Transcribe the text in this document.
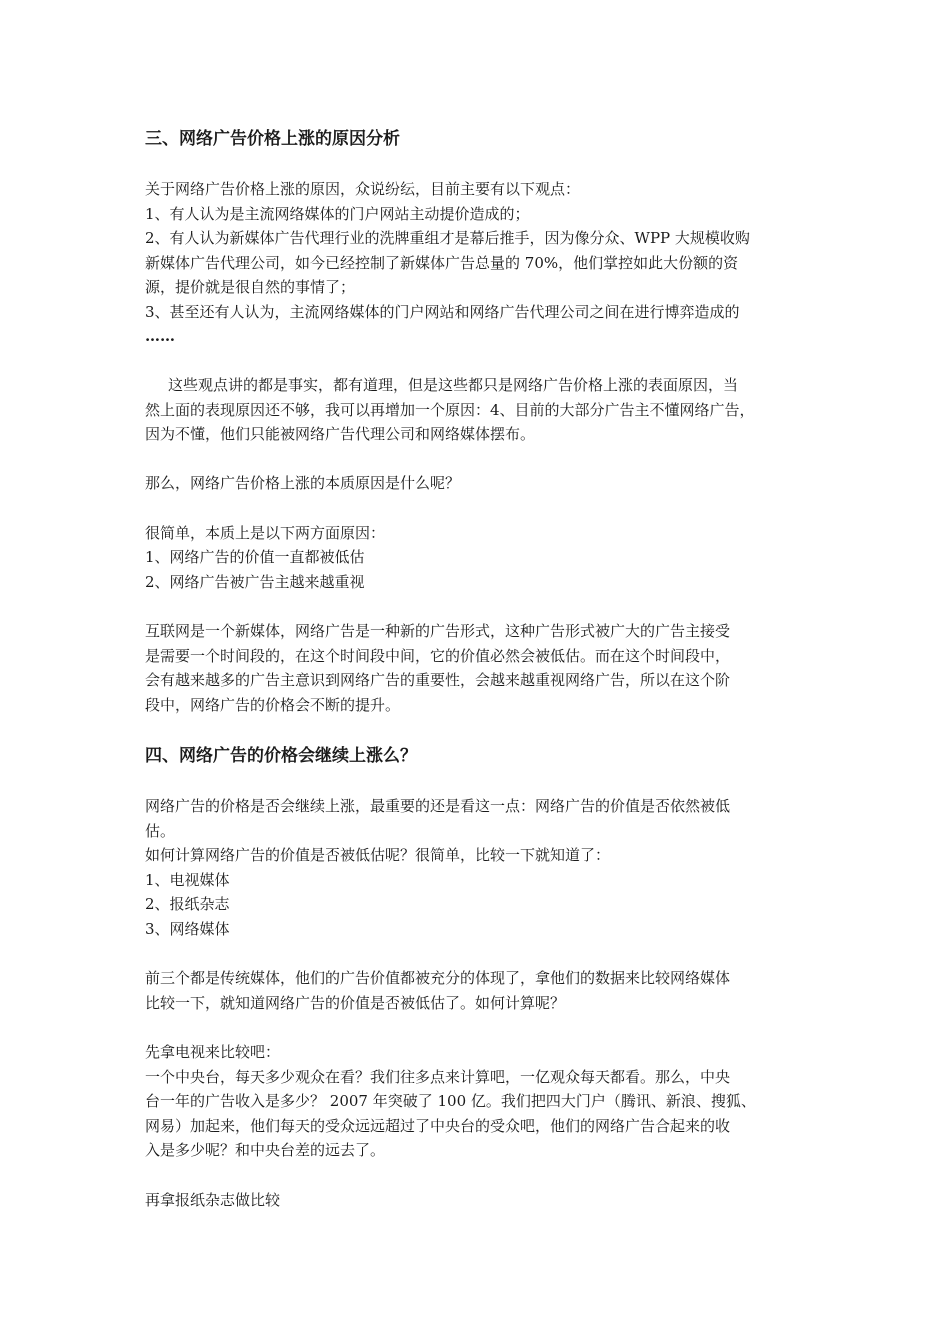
三、网络广告价格上涨的原因分析
关于网络广告价格上涨的原因，众说纷纭，目前主要有以下观点：
1、有人认为是主流网络媒体的门户网站主动提价造成的；
2、有人认为新媒体广告代理行业的洗牌重组才是幕后推手，因为像分众、WPP 大规模收购
新媒体广告代理公司，如今已经控制了新媒体广告总量的 70%，他们掌控如此大份额的资
源，提价就是很自然的事情了；
3、甚至还有人认为，主流网络媒体的门户网站和网络广告代理公司之间在进行博弈造成的
……
这些观点讲的都是事实，都有道理，但是这些都只是网络广告价格上涨的表面原因，当
然上面的表现原因还不够，我可以再增加一个原因：4、目前的大部分广告主不懂网络广告，
因为不懂，他们只能被网络广告代理公司和网络媒体摆布。
那么，网络广告价格上涨的本质原因是什么呢？
很简单，本质上是以下两方面原因：
1、网络广告的价值一直都被低估
2、网络广告被广告主越来越重视
互联网是一个新媒体，网络广告是一种新的广告形式，这种广告形式被广大的广告主接受
是需要一个时间段的，在这个时间段中间，它的价值必然会被低估。而在这个时间段中，
会有越来越多的广告主意识到网络广告的重要性，会越来越重视网络广告，所以在这个阶
段中，网络广告的价格会不断的提升。
四、网络广告的价格会继续上涨么？
网络广告的价格是否会继续上涨，最重要的还是看这一点：网络广告的价值是否依然被低
估。
如何计算网络广告的价值是否被低估呢？很简单，比较一下就知道了：
1、电视媒体
2、报纸杂志
3、网络媒体
前三个都是传统媒体，他们的广告价值都被充分的体现了，拿他们的数据来比较网络媒体
比较一下，就知道网络广告的价值是否被低估了。如何计算呢？
先拿电视来比较吧：
一个中央台，每天多少观众在看？我们往多点来计算吧，一亿观众每天都看。那么，中央
台一年的广告收入是多少？ 2007 年突破了 100 亿。我们把四大门户（腾讯、新浪、搜狐、
网易）加起来，他们每天的受众远远超过了中央台的受众吧，他们的网络广告合起来的收
入是多少呢？和中央台差的远去了。
再拿报纸杂志做比较
